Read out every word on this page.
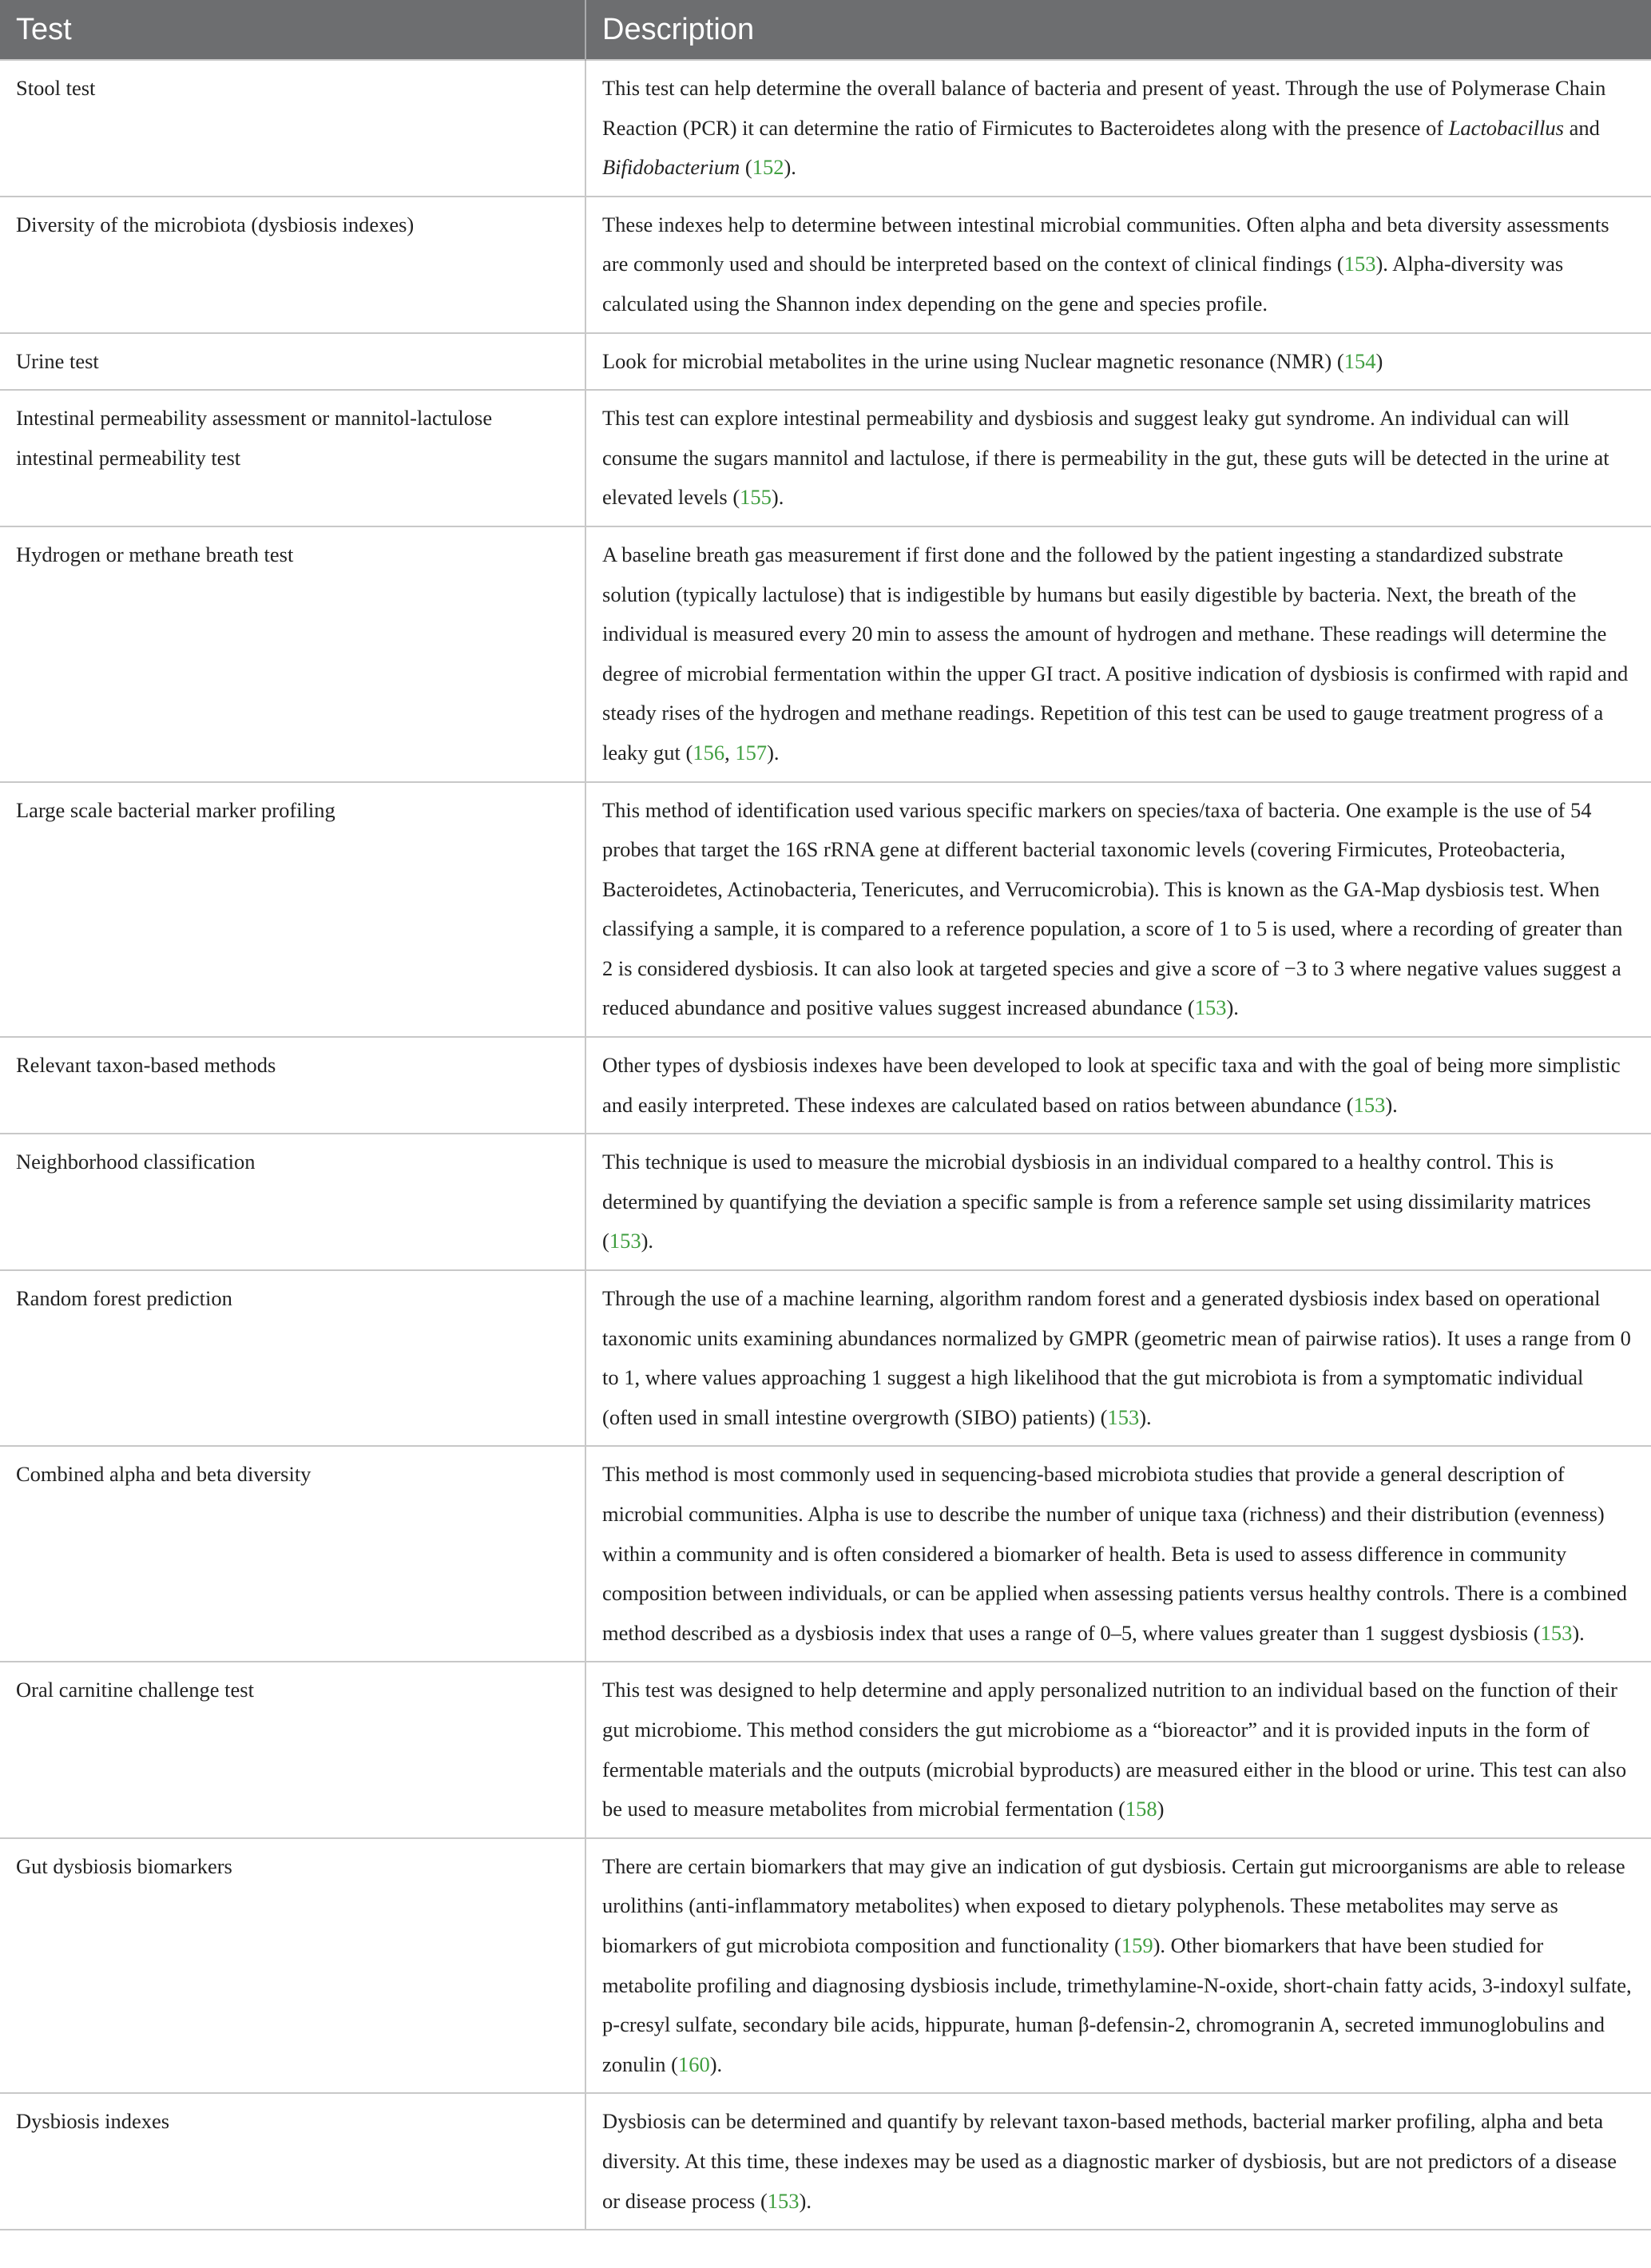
Test	Description
Stool test	This test can help determine the overall balance of bacteria and present of yeast. Through the use of Polymerase Chain Reaction (PCR) it can determine the ratio of Firmicutes to Bacteroidetes along with the presence of Lactobacillus and Bifidobacterium (152).
Diversity of the microbiota (dysbiosis indexes)	These indexes help to determine between intestinal microbial communities. Often alpha and beta diversity assessments are commonly used and should be interpreted based on the context of clinical findings (153). Alpha-diversity was calculated using the Shannon index depending on the gene and species profile.
Urine test	Look for microbial metabolites in the urine using Nuclear magnetic resonance (NMR) (154)
Intestinal permeability assessment or mannitol-lactulose intestinal permeability test	This test can explore intestinal permeability and dysbiosis and suggest leaky gut syndrome. An individual can will consume the sugars mannitol and lactulose, if there is permeability in the gut, these guts will be detected in the urine at elevated levels (155).
Hydrogen or methane breath test	A baseline breath gas measurement if first done and the followed by the patient ingesting a standardized substrate solution (typically lactulose) that is indigestible by humans but easily digestible by bacteria. Next, the breath of the individual is measured every 20 min to assess the amount of hydrogen and methane. These readings will determine the degree of microbial fermentation within the upper GI tract. A positive indication of dysbiosis is confirmed with rapid and steady rises of the hydrogen and methane readings. Repetition of this test can be used to gauge treatment progress of a leaky gut (156, 157).
Large scale bacterial marker profiling	This method of identification used various specific markers on species/taxa of bacteria. One example is the use of 54 probes that target the 16S rRNA gene at different bacterial taxonomic levels (covering Firmicutes, Proteobacteria, Bacteroidetes, Actinobacteria, Tenericutes, and Verrucomicrobia). This is known as the GA-Map dysbiosis test. When classifying a sample, it is compared to a reference population, a score of 1 to 5 is used, where a recording of greater than 2 is considered dysbiosis. It can also look at targeted species and give a score of −3 to 3 where negative values suggest a reduced abundance and positive values suggest increased abundance (153).
Relevant taxon-based methods	Other types of dysbiosis indexes have been developed to look at specific taxa and with the goal of being more simplistic and easily interpreted. These indexes are calculated based on ratios between abundance (153).
Neighborhood classification	This technique is used to measure the microbial dysbiosis in an individual compared to a healthy control. This is determined by quantifying the deviation a specific sample is from a reference sample set using dissimilarity matrices (153).
Random forest prediction	Through the use of a machine learning, algorithm random forest and a generated dysbiosis index based on operational taxonomic units examining abundances normalized by GMPR (geometric mean of pairwise ratios). It uses a range from 0 to 1, where values approaching 1 suggest a high likelihood that the gut microbiota is from a symptomatic individual (often used in small intestine overgrowth (SIBO) patients) (153).
Combined alpha and beta diversity	This method is most commonly used in sequencing-based microbiota studies that provide a general description of microbial communities. Alpha is use to describe the number of unique taxa (richness) and their distribution (evenness) within a community and is often considered a biomarker of health. Beta is used to assess difference in community composition between individuals, or can be applied when assessing patients versus healthy controls. There is a combined method described as a dysbiosis index that uses a range of 0–5, where values greater than 1 suggest dysbiosis (153).
Oral carnitine challenge test	This test was designed to help determine and apply personalized nutrition to an individual based on the function of their gut microbiome. This method considers the gut microbiome as a “bioreactor” and it is provided inputs in the form of fermentable materials and the outputs (microbial byproducts) are measured either in the blood or urine. This test can also be used to measure metabolites from microbial fermentation (158)
Gut dysbiosis biomarkers	There are certain biomarkers that may give an indication of gut dysbiosis. Certain gut microorganisms are able to release urolithins (anti-inflammatory metabolites) when exposed to dietary polyphenols. These metabolites may serve as biomarkers of gut microbiota composition and functionality (159). Other biomarkers that have been studied for metabolite profiling and diagnosing dysbiosis include, trimethylamine-N-oxide, short-chain fatty acids, 3-indoxyl sulfate, p-cresyl sulfate, secondary bile acids, hippurate, human β-defensin-2, chromogranin A, secreted immunoglobulins and zonulin (160).
Dysbiosis indexes	Dysbiosis can be determined and quantify by relevant taxon-based methods, bacterial marker profiling, alpha and beta diversity. At this time, these indexes may be used as a diagnostic marker of dysbiosis, but are not predictors of a disease or disease process (153).
